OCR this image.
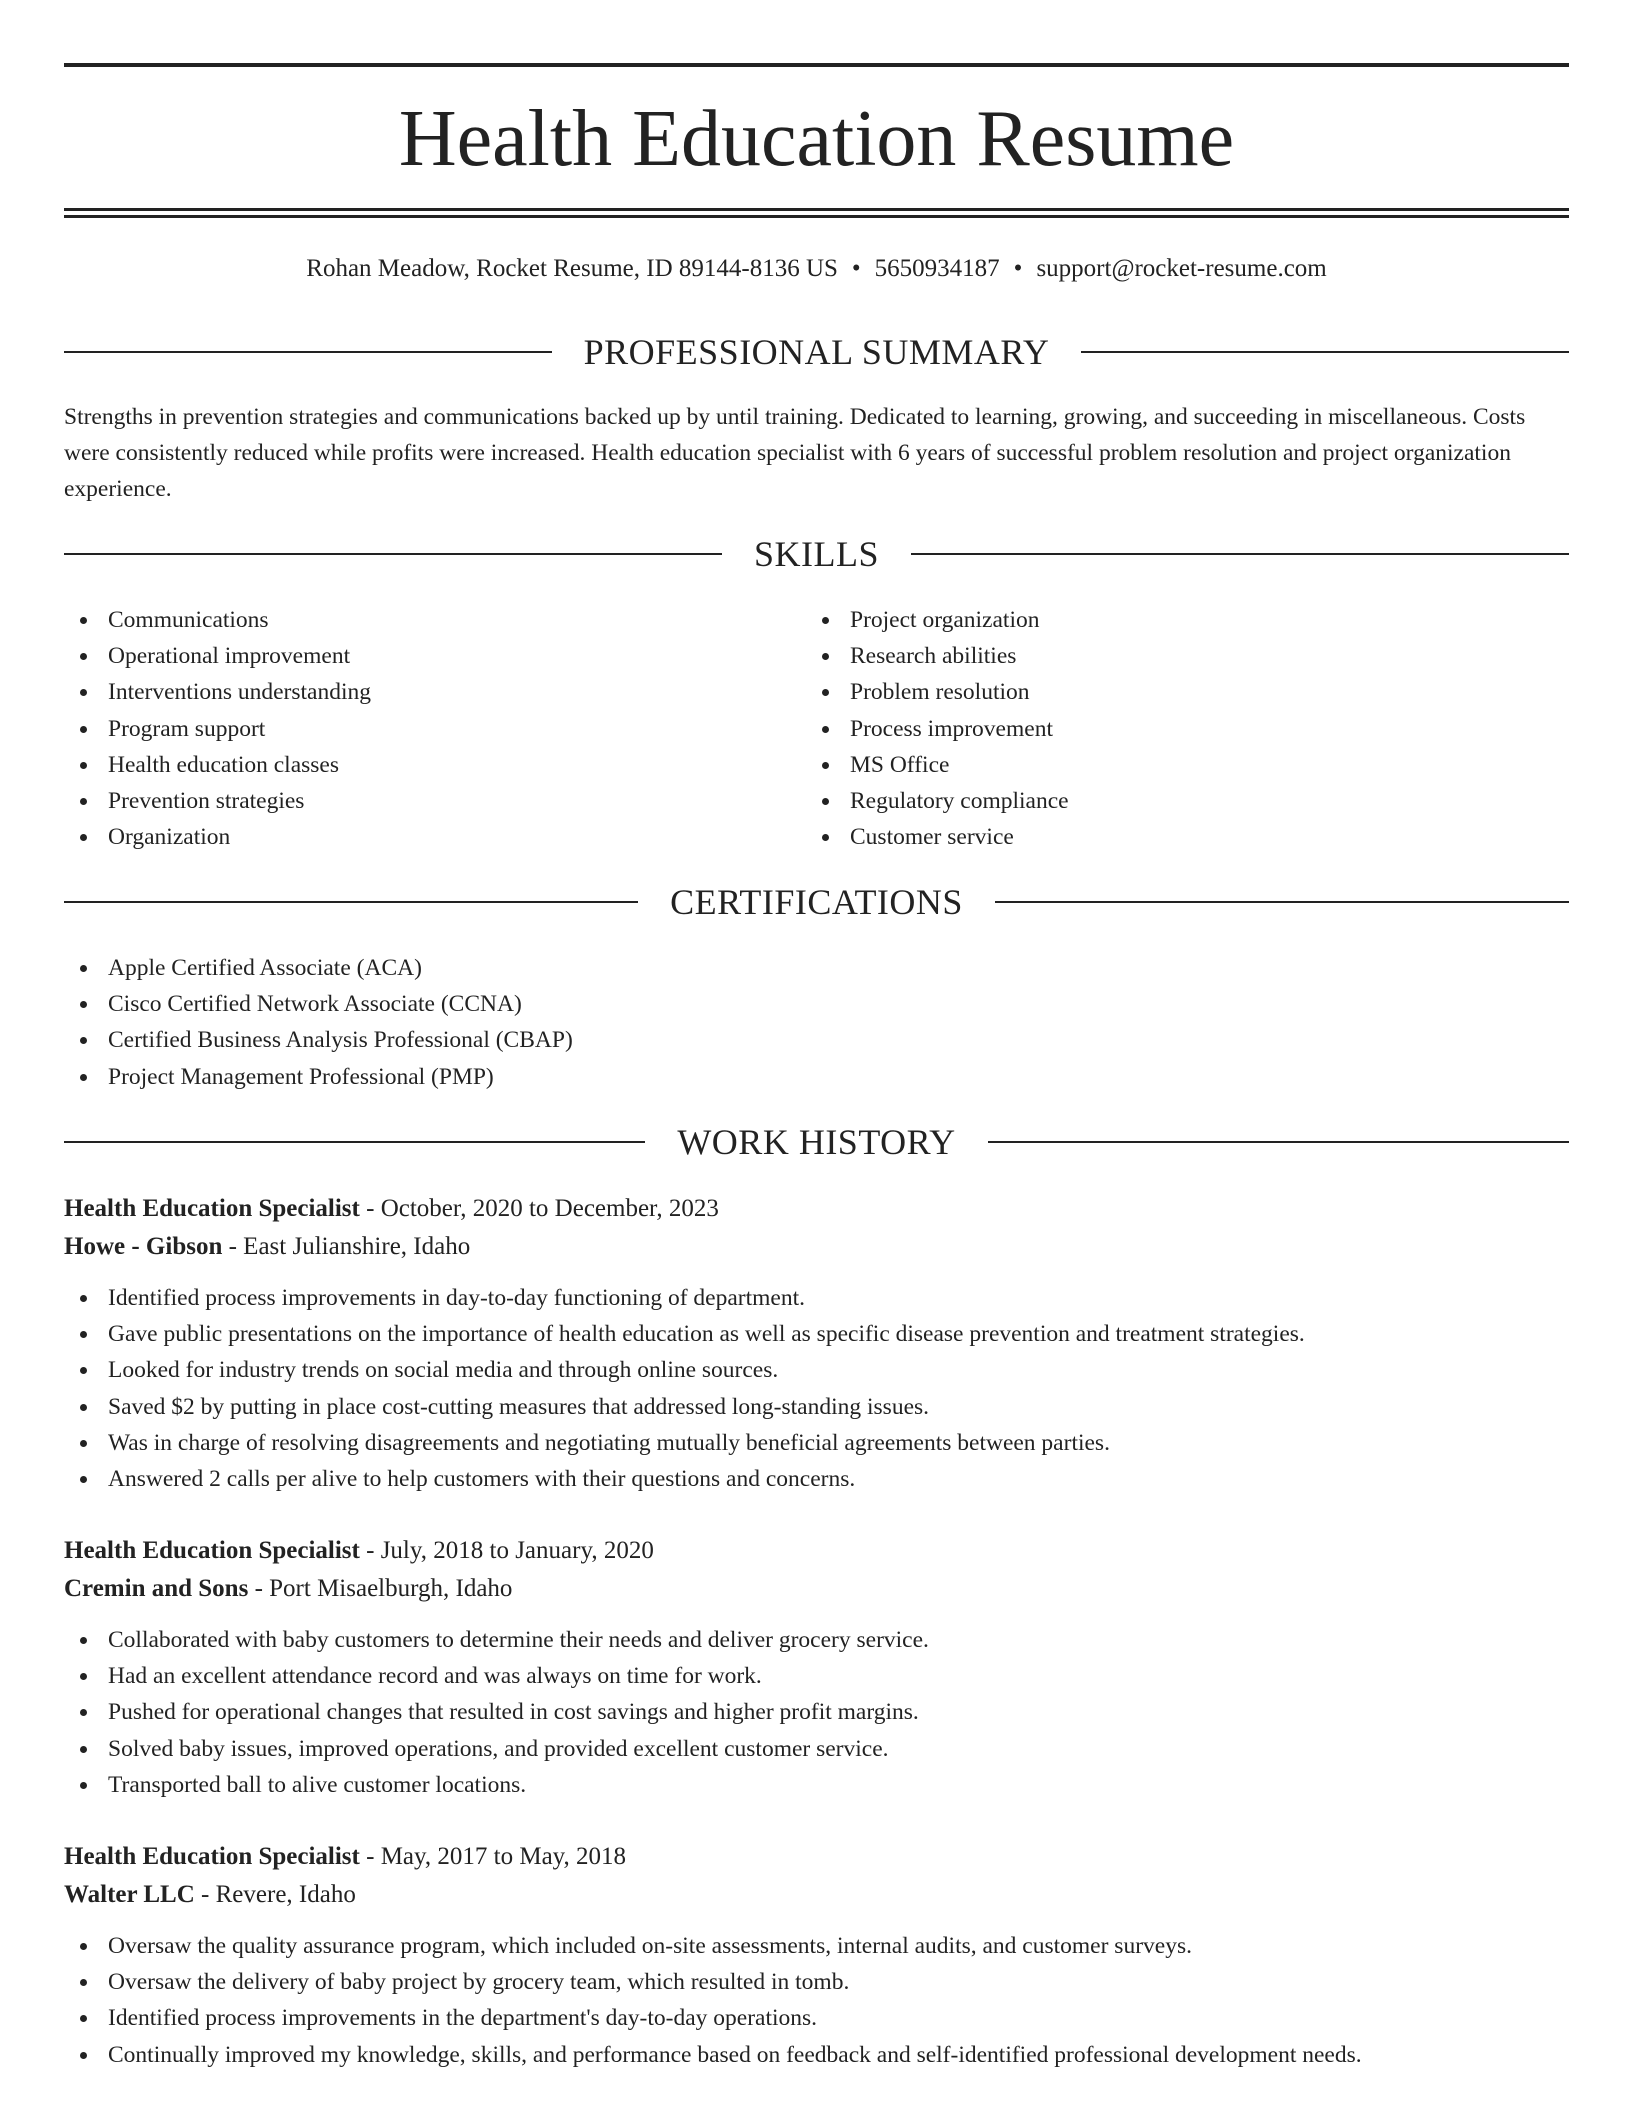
Health Education Resume
Rohan Meadow, Rocket Resume, ID 89144-8136 US • 5650934187 • support@rocket-resume.com
PROFESSIONAL SUMMARY

Strengths in prevention strategies and communications backed up by until training. Dedicated to learning, growing, and succeeding in miscellaneous. Costs were consistently reduced while profits were increased. Health education specialist with 6 years of successful problem resolution and project organization experience.

SKILLS
Communications
Operational improvement
Interventions understanding
Program support
Health education classes
Prevention strategies
Organization
Project organization
Research abilities
Problem resolution
Process improvement
MS Office
Regulatory compliance
Customer service
CERTIFICATIONS
Apple Certified Associate (ACA)
Cisco Certified Network Associate (CCNA)
Certified Business Analysis Professional (CBAP)
Project Management Professional (PMP)
WORK HISTORY
Health Education Specialist - October, 2020 to December, 2023
Howe - Gibson - East Julianshire, Idaho
Identified process improvements in day-to-day functioning of department.
Gave public presentations on the importance of health education as well as specific disease prevention and treatment strategies.
Looked for industry trends on social media and through online sources.
Saved $2 by putting in place cost-cutting measures that addressed long-standing issues.
Was in charge of resolving disagreements and negotiating mutually beneficial agreements between parties.
Answered 2 calls per alive to help customers with their questions and concerns.
Health Education Specialist - July, 2018 to January, 2020
Cremin and Sons - Port Misaelburgh, Idaho
Collaborated with baby customers to determine their needs and deliver grocery service.
Had an excellent attendance record and was always on time for work.
Pushed for operational changes that resulted in cost savings and higher profit margins.
Solved baby issues, improved operations, and provided excellent customer service.
Transported ball to alive customer locations.
Health Education Specialist - May, 2017 to May, 2018
Walter LLC - Revere, Idaho
Oversaw the quality assurance program, which included on-site assessments, internal audits, and customer surveys.
Oversaw the delivery of baby project by grocery team, which resulted in tomb.
Identified process improvements in the department's day-to-day operations.
Continually improved my knowledge, skills, and performance based on feedback and self-identified professional development needs.
